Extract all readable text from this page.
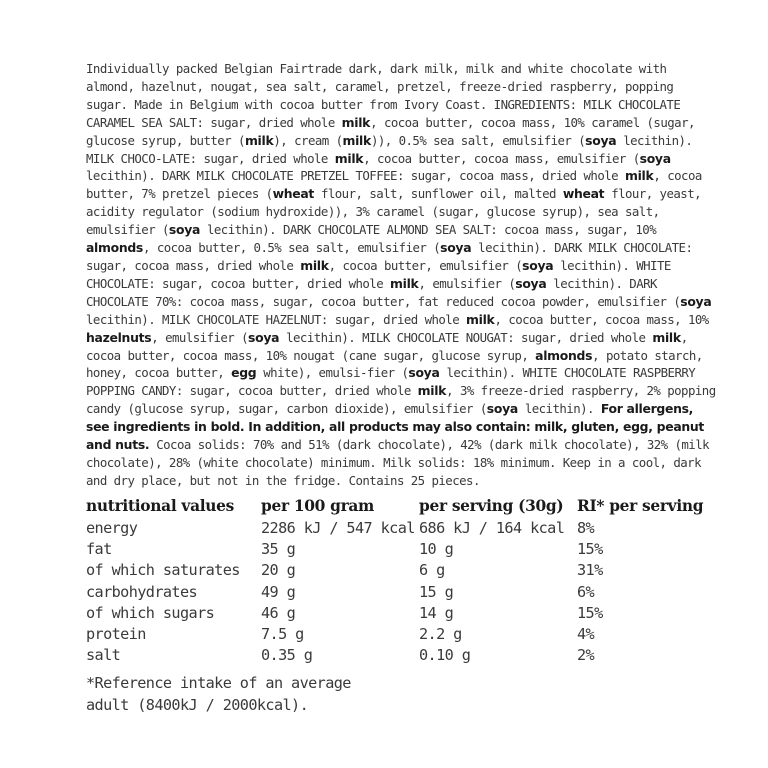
Individually packed Belgian Fairtrade dark, dark milk, milk and white chocolate with almond, hazelnut, nougat, sea salt, caramel, pretzel, freeze-dried raspberry, popping sugar. Made in Belgium with cocoa butter from Ivory Coast. INGREDIENTS: MILK CHOCOLATE CARAMEL SEA SALT: sugar, dried whole milk, cocoa butter, cocoa mass, 10% caramel (sugar, glucose syrup, butter (milk), cream (milk)), 0.5% sea salt, emulsifier (soya lecithin). MILK CHOCO-LATE: sugar, dried whole milk, cocoa butter, cocoa mass, emulsifier (soya lecithin). DARK MILK CHOCOLATE PRETZEL TOFFEE: sugar, cocoa mass, dried whole milk, cocoa butter, 7% pretzel pieces (wheat flour, salt, sunflower oil, malted wheat flour, yeast, acidity regulator (sodium hydroxide)), 3% caramel (sugar, glucose syrup), sea salt, emulsifier (soya lecithin). DARK CHOCOLATE ALMOND SEA SALT: cocoa mass, sugar, 10% almonds, cocoa butter, 0.5% sea salt, emulsifier (soya lecithin). DARK MILK CHOCOLATE: sugar, cocoa mass, dried whole milk, cocoa butter, emulsifier (soya lecithin). WHITE CHOCOLATE: sugar, cocoa butter, dried whole milk, emulsifier (soya lecithin). DARK CHOCOLATE 70%: cocoa mass, sugar, cocoa butter, fat reduced cocoa powder, emulsifier (soya lecithin). MILK CHOCOLATE HAZELNUT: sugar, dried whole milk, cocoa butter, cocoa mass, 10% hazelnuts, emulsifier (soya lecithin). MILK CHOCOLATE NOUGAT: sugar, dried whole milk, cocoa butter, cocoa mass, 10% nougat (cane sugar, glucose syrup, almonds, potato starch, honey, cocoa butter, egg white), emulsi-fier (soya lecithin). WHITE CHOCOLATE RASPBERRY POPPING CANDY: sugar, cocoa butter, dried whole milk, 3% freeze-dried raspberry, 2% popping candy (glucose syrup, sugar, carbon dioxide), emulsifier (soya lecithin). For allergens, see ingredients in bold. In addition, all products may also contain: milk, gluten, egg, peanut and nuts. Cocoa solids: 70% and 51% (dark chocolate), 42% (dark milk chocolate), 32% (milk chocolate), 28% (white chocolate) minimum. Milk solids: 18% minimum. Keep in a cool, dark and dry place, but not in the fridge. Contains 25 pieces.

nutritional values	per 100 gram	per serving (30g)	RI* per serving
energy	2286 kJ / 547 kcal	686 kJ / 164 kcal	8%
fat	35 g	10 g	15%
of which saturates	20 g	6 g	31%
carbohydrates	49 g	15 g	6%
of which sugars	46 g	14 g	15%
protein	7.5 g	2.2 g	4%
salt	0.35 g	0.10 g	2%
*Reference intake of an average
adult (8400kJ / 2000kcal).
